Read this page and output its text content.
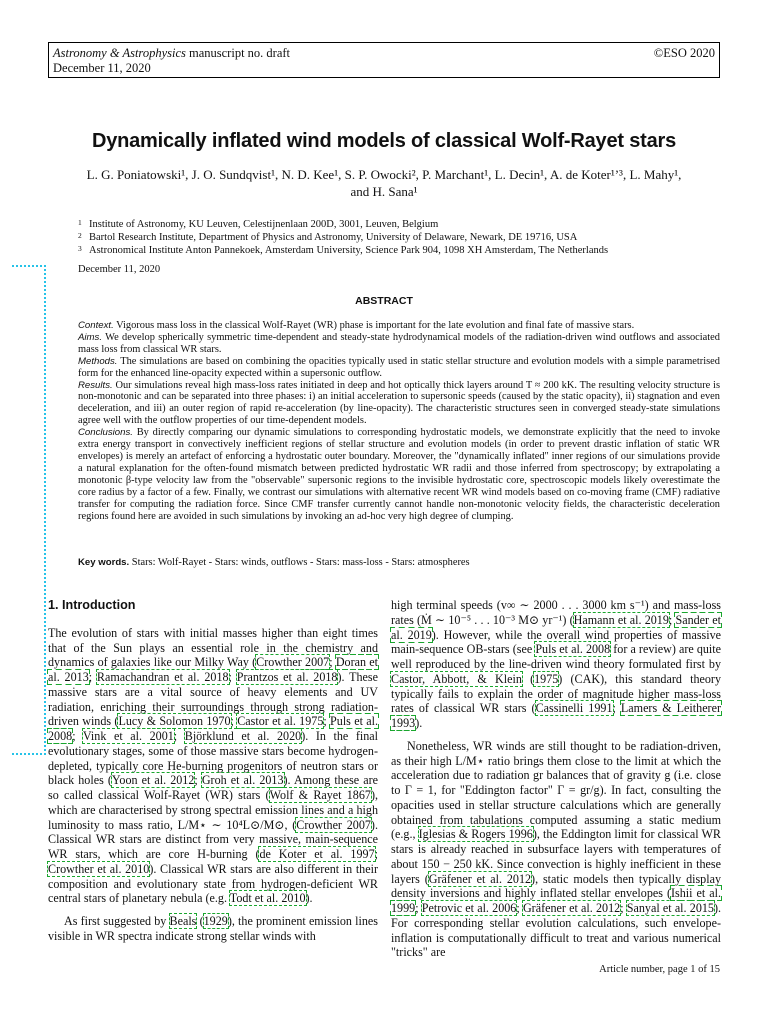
Astronomy & Astrophysics manuscript no. draft	©ESO 2020
December 11, 2020
Dynamically inflated wind models of classical Wolf-Rayet stars
L. G. Poniatowski¹, J. O. Sundqvist¹, N. D. Kee¹, S. P. Owocki², P. Marchant¹, L. Decin¹, A. de Koter¹ʼ³, L. Mahy¹,
and H. Sana¹
1 Institute of Astronomy, KU Leuven, Celestijnenlaan 200D, 3001, Leuven, Belgium
2 Bartol Research Institute, Department of Physics and Astronomy, University of Delaware, Newark, DE 19716, USA
3 Astronomical Institute Anton Pannekoek, Amsterdam University, Science Park 904, 1098 XH Amsterdam, The Netherlands
December 11, 2020
ABSTRACT

Context. Vigorous mass loss in the classical Wolf-Rayet (WR) phase is important for the late evolution and final fate of massive stars.

Aims. We develop spherically symmetric time-dependent and steady-state hydrodynamical models of the radiation-driven wind outflows and associated mass loss from classical WR stars.

Methods. The simulations are based on combining the opacities typically used in static stellar structure and evolution models with a simple parametrised form for the enhanced line-opacity expected within a supersonic outflow.

Results. Our simulations reveal high mass-loss rates initiated in deep and hot optically thick layers around T ≈ 200 kK. The resulting velocity structure is non-monotonic and can be separated into three phases: i) an initial acceleration to supersonic speeds (caused by the static opacity), ii) stagnation and even deceleration, and iii) an outer region of rapid re-acceleration (by line-opacity). The characteristic structures seen in converged steady-state simulations agree well with the outflow properties of our time-dependent models.

Conclusions. By directly comparing our dynamic simulations to corresponding hydrostatic models, we demonstrate explicitly that the need to invoke extra energy transport in convectively inefficient regions of stellar structure and evolution models (in order to prevent drastic inflation of static WR envelopes) is merely an artefact of enforcing a hydrostatic outer boundary. Moreover, the "dynamically inflated" inner regions of our simulations provide a natural explanation for the often-found mismatch between predicted hydrostatic WR radii and those inferred from spectroscopy; by extrapolating a monotonic β-type velocity law from the "observable" supersonic regions to the invisible hydrostatic core, spectroscopic models likely overestimate the core radius by a factor of a few. Finally, we contrast our simulations with alternative recent WR wind models based on co-moving frame (CMF) radiative transfer for computing the radiation force. Since CMF transfer currently cannot handle non-monotonic velocity fields, the characteristic deceleration regions found here are avoided in such simulations by invoking an ad-hoc very high degree of clumping.

Key words. Stars: Wolf-Rayet - Stars: winds, outflows - Stars: mass-loss - Stars: atmospheres

1. Introduction

The evolution of stars with initial masses higher than eight times that of the Sun plays an essential role in the chemistry and dynamics of galaxies like our Milky Way (Crowther 2007; Doran et al. 2013; Ramachandran et al. 2018; Prantzos et al. 2018). These massive stars are a vital source of heavy elements and UV radiation, enriching their surroundings through strong radiation-driven winds (Lucy & Solomon 1970; Castor et al. 1975; Puls et al. 2008; Vink et al. 2001; Björklund et al. 2020). In the final evolutionary stages, some of those massive stars become hydrogen-depleted, typically core He-burning progenitors of neutron stars or black holes (Yoon et al. 2012; Groh et al. 2013). Among these are so called classical Wolf-Rayet (WR) stars (Wolf & Rayet 1867), which are characterised by strong spectral emission lines and a high luminosity to mass ratio, L/M⋆ ∼ 10⁴L⊙/M⊙, (Crowther 2007). Classical WR stars are distinct from very massive, main-sequence WR stars, which are core H-burning (de Koter et al. 1997; Crowther et al. 2010). Classical WR stars are also different in their composition and evolutionary state from hydrogen-deficient WR central stars of planetary nebula (e.g. Todt et al. 2010).

As first suggested by Beals (1929), the prominent emission lines visible in WR spectra indicate strong stellar winds with

high terminal speeds (v∞ ∼ 2000 . . . 3000 km s⁻¹) and mass-loss rates (Ṁ ∼ 10⁻⁵ . . . 10⁻³ M⊙ yr⁻¹) (Hamann et al. 2019; Sander et al. 2019). However, while the overall wind properties of massive main-sequence OB-stars (see Puls et al. 2008 for a review) are quite well reproduced by the line-driven wind theory formulated first by Castor, Abbott, & Klein (1975) (CAK), this standard theory typically fails to explain the order of magnitude higher mass-loss rates of classical WR stars (Cassinelli 1991; Lamers & Leitherer 1993).

Nonetheless, WR winds are still thought to be radiation-driven, as their high L/M⋆ ratio brings them close to the limit at which the acceleration due to radiation gr balances that of gravity g (i.e. close to Γ = 1, for "Eddington factor" Γ = gr/g). In fact, consulting the opacities used in stellar structure calculations which are generally obtained from tabulations computed assuming a static medium (e.g., Iglesias & Rogers 1996), the Eddington limit for classical WR stars is already reached in subsurface layers with temperatures of about 150 − 250 kK. Since convection is highly inefficient in these layers (Gräfener et al. 2012), static models then typically display density inversions and highly inflated stellar envelopes (Ishii et al. 1999; Petrovic et al. 2006; Gräfener et al. 2012; Sanyal et al. 2015). For corresponding stellar evolution calculations, such envelope-inflation is computationally difficult to treat and various numerical "tricks" are

Article number, page 1 of 15
